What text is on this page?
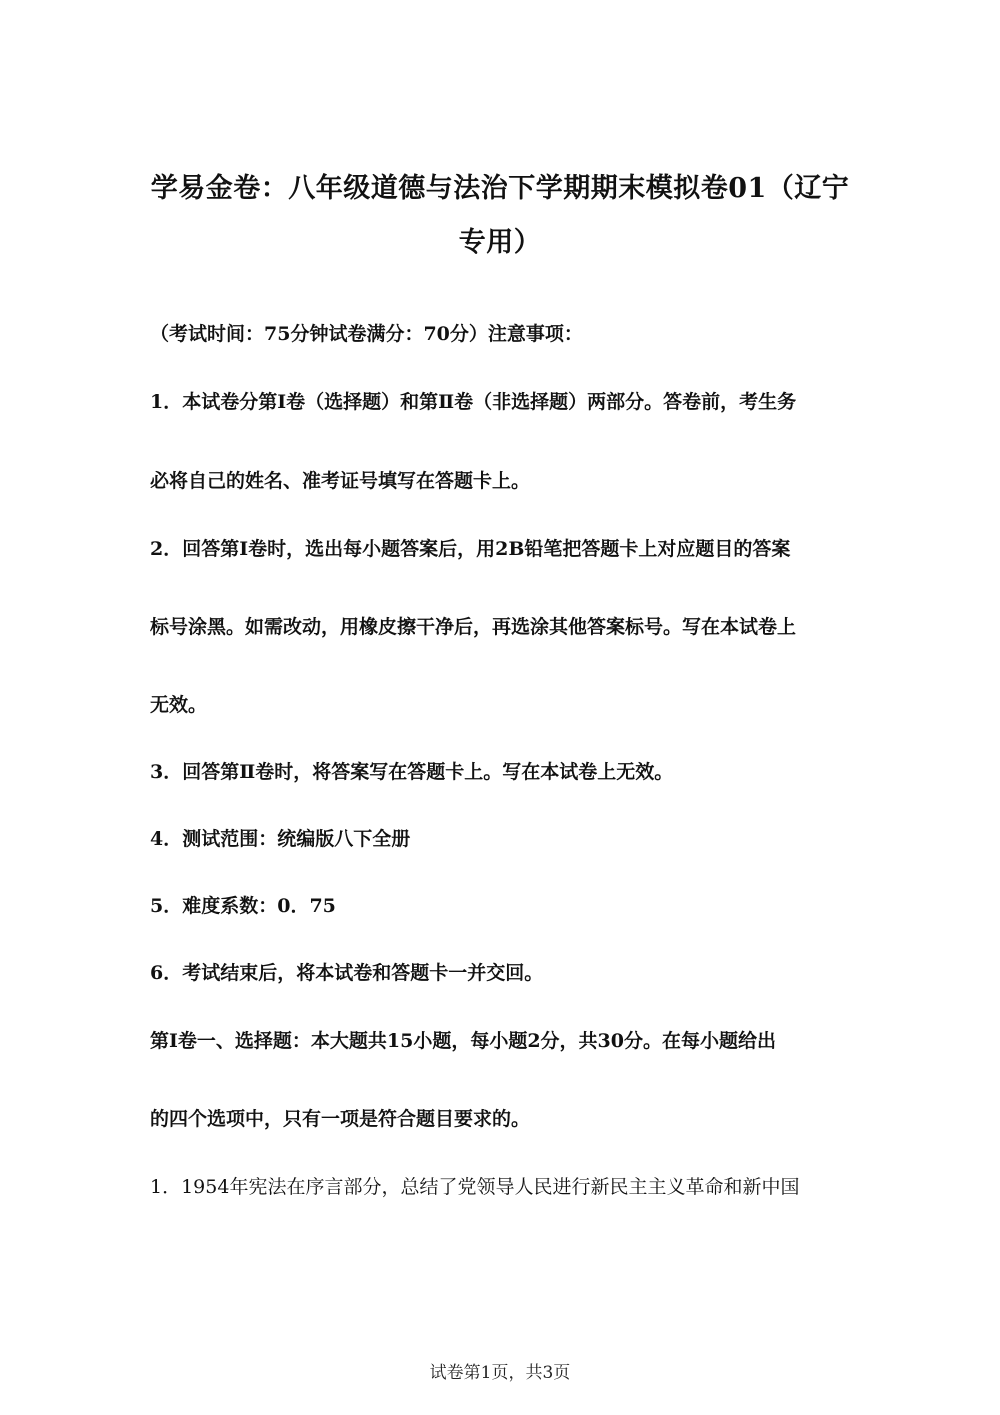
学易金卷：八年级道德与法治下学期期末模拟卷01（辽宁
专用）
（考试时间：75分钟试卷满分：70分）注意事项：
1．本试卷分第Ⅰ卷（选择题）和第Ⅱ卷（非选择题）两部分。答卷前，考生务
必将自己的姓名、准考证号填写在答题卡上。
2．回答第Ⅰ卷时，选出每小题答案后，用2B铅笔把答题卡上对应题目的答案
标号涂黑。如需改动，用橡皮擦干净后，再选涂其他答案标号。写在本试卷上
无效。
3．回答第Ⅱ卷时，将答案写在答题卡上。写在本试卷上无效。
4．测试范围：统编版八下全册
5．难度系数：0．75
6．考试结束后，将本试卷和答题卡一并交回。
第Ⅰ卷一、选择题：本大题共15小题，每小题2分，共30分。在每小题给出
的四个选项中，只有一项是符合题目要求的。
1．1954年宪法在序言部分，总结了党领导人民进行新民主主义革命和新中国
试卷第1页，共3页
